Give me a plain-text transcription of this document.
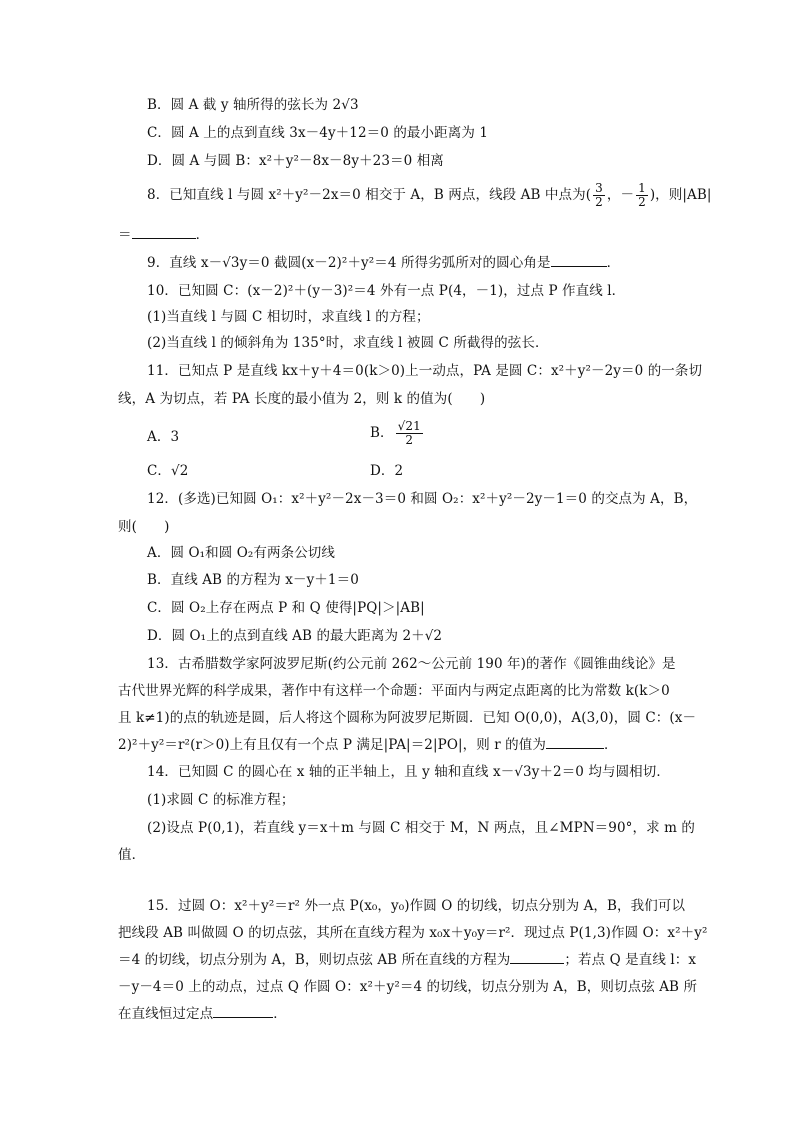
B．圆 A 截 y 轴所得的弦长为 2√3
C．圆 A 上的点到直线 3x－4y＋12＝0 的最小距离为 1
D．圆 A 与圆 B：x²＋y²－8x－8y＋23＝0 相离
8．已知直线 l 与圆 x²＋y²－2x＝0 相交于 A，B 两点，线段 AB 中点为( $\frac{3}{2}$ ，－ $\frac{1}{2}$ )，则|AB|
＝	．
9．直线 x－√3y＝0 截圆(x－2)²＋y²＝4 所得劣弧所对的圆心角是	．
10．已知圆 C：(x－2)²＋(y－3)²＝4 外有一点 P(4，－1)，过点 P 作直线 l．
(1)当直线 l 与圆 C 相切时，求直线 l 的方程；
(2)当直线 l 的倾斜角为 135°时，求直线 l 被圆 C 所截得的弦长．
11．已知点 P 是直线 kx＋y＋4＝0(k＞0)上一动点，PA 是圆 C：x²＋y²－2y＝0 的一条切
线，A 为切点，若 PA 长度的最小值为 2，则 k 的值为(　　)
A．3	B． $\frac{√21}{2}$
C．√2	D．2
12．(多选)已知圆 O₁：x²＋y²－2x－3＝0 和圆 O₂：x²＋y²－2y－1＝0 的交点为 A，B，
则(　　)
A．圆 O₁和圆 O₂有两条公切线
B．直线 AB 的方程为 x－y＋1＝0
C．圆 O₂上存在两点 P 和 Q 使得|PQ|＞|AB|
D．圆 O₁上的点到直线 AB 的最大距离为 2＋√2
13．古希腊数学家阿波罗尼斯(约公元前 262～公元前 190 年)的著作《圆锥曲线论》是
古代世界光辉的科学成果，著作中有这样一个命题：平面内与两定点距离的比为常数 k(k＞0
且 k≠1)的点的轨迹是圆，后人将这个圆称为阿波罗尼斯圆．已知 O(0,0)，A(3,0)，圆 C：(x－
2)²＋y²＝r²(r＞0)上有且仅有一个点 P 满足|PA|＝2|PO|，则 r 的值为	．
14．已知圆 C 的圆心在 x 轴的正半轴上，且 y 轴和直线 x－√3y＋2＝0 均与圆相切．
(1)求圆 C 的标准方程；
(2)设点 P(0,1)，若直线 y＝x＋m 与圆 C 相交于 M，N 两点，且∠MPN＝90°，求 m 的
值．
15．过圆 O：x²＋y²＝r² 外一点 P(x₀，y₀)作圆 O 的切线，切点分别为 A，B，我们可以
把线段 AB 叫做圆 O 的切点弦，其所在直线方程为 x₀x＋y₀y＝r²．现过点 P(1,3)作圆 O：x²＋y²
＝4 的切线，切点分别为 A，B，则切点弦 AB 所在直线的方程为	；若点 Q 是直线 l：x
－y－4＝0 上的动点，过点 Q 作圆 O：x²＋y²＝4 的切线，切点分别为 A，B，则切点弦 AB 所
在直线恒过定点	．
